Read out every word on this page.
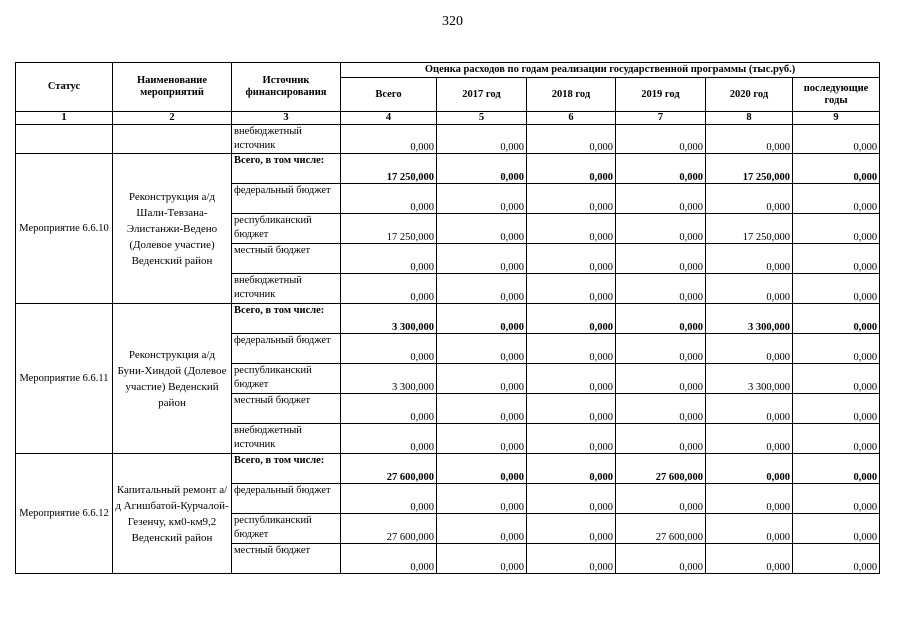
320
Статус	Наименование мероприятий	Источник финансирования	Оценка расходов по годам реализации государственной программы (тыс.руб.)					
			Всего	2017 год	2018 год	2019 год	2020 год	последующие годы
1	2	3	4	5	6	7	8	9
		внебюджетный источник	0,000	0,000	0,000	0,000	0,000	0,000
Мероприятие 6.6.10	Реконструкция а/д Шали-Тевзана-Элистанжи-Ведено (Долевое участие) Веденский район	Всего, в том числе:	17 250,000	0,000	0,000	0,000	17 250,000	0,000
		федеральный бюджет	0,000	0,000	0,000	0,000	0,000	0,000
		республиканский бюджет	17 250,000	0,000	0,000	0,000	17 250,000	0,000
		местный бюджет	0,000	0,000	0,000	0,000	0,000	0,000
		внебюджетный источник	0,000	0,000	0,000	0,000	0,000	0,000
Мероприятие 6.6.11	Реконструкция а/д Буни-Хиндой (Долевое участие) Веденский район	Всего, в том числе:	3 300,000	0,000	0,000	0,000	3 300,000	0,000
		федеральный бюджет	0,000	0,000	0,000	0,000	0,000	0,000
		республиканский бюджет	3 300,000	0,000	0,000	0,000	3 300,000	0,000
		местный бюджет	0,000	0,000	0,000	0,000	0,000	0,000
		внебюджетный источник	0,000	0,000	0,000	0,000	0,000	0,000
Мероприятие 6.6.12	Капитальный ремонт а/д Агишбатой-Курчалой-Гезенчу, км0-км9,2 Веденский район	Всего, в том числе:	27 600,000	0,000	0,000	27 600,000	0,000	0,000
		федеральный бюджет	0,000	0,000	0,000	0,000	0,000	0,000
		республиканский бюджет	27 600,000	0,000	0,000	27 600,000	0,000	0,000
		местный бюджет	0,000	0,000	0,000	0,000	0,000	0,000
